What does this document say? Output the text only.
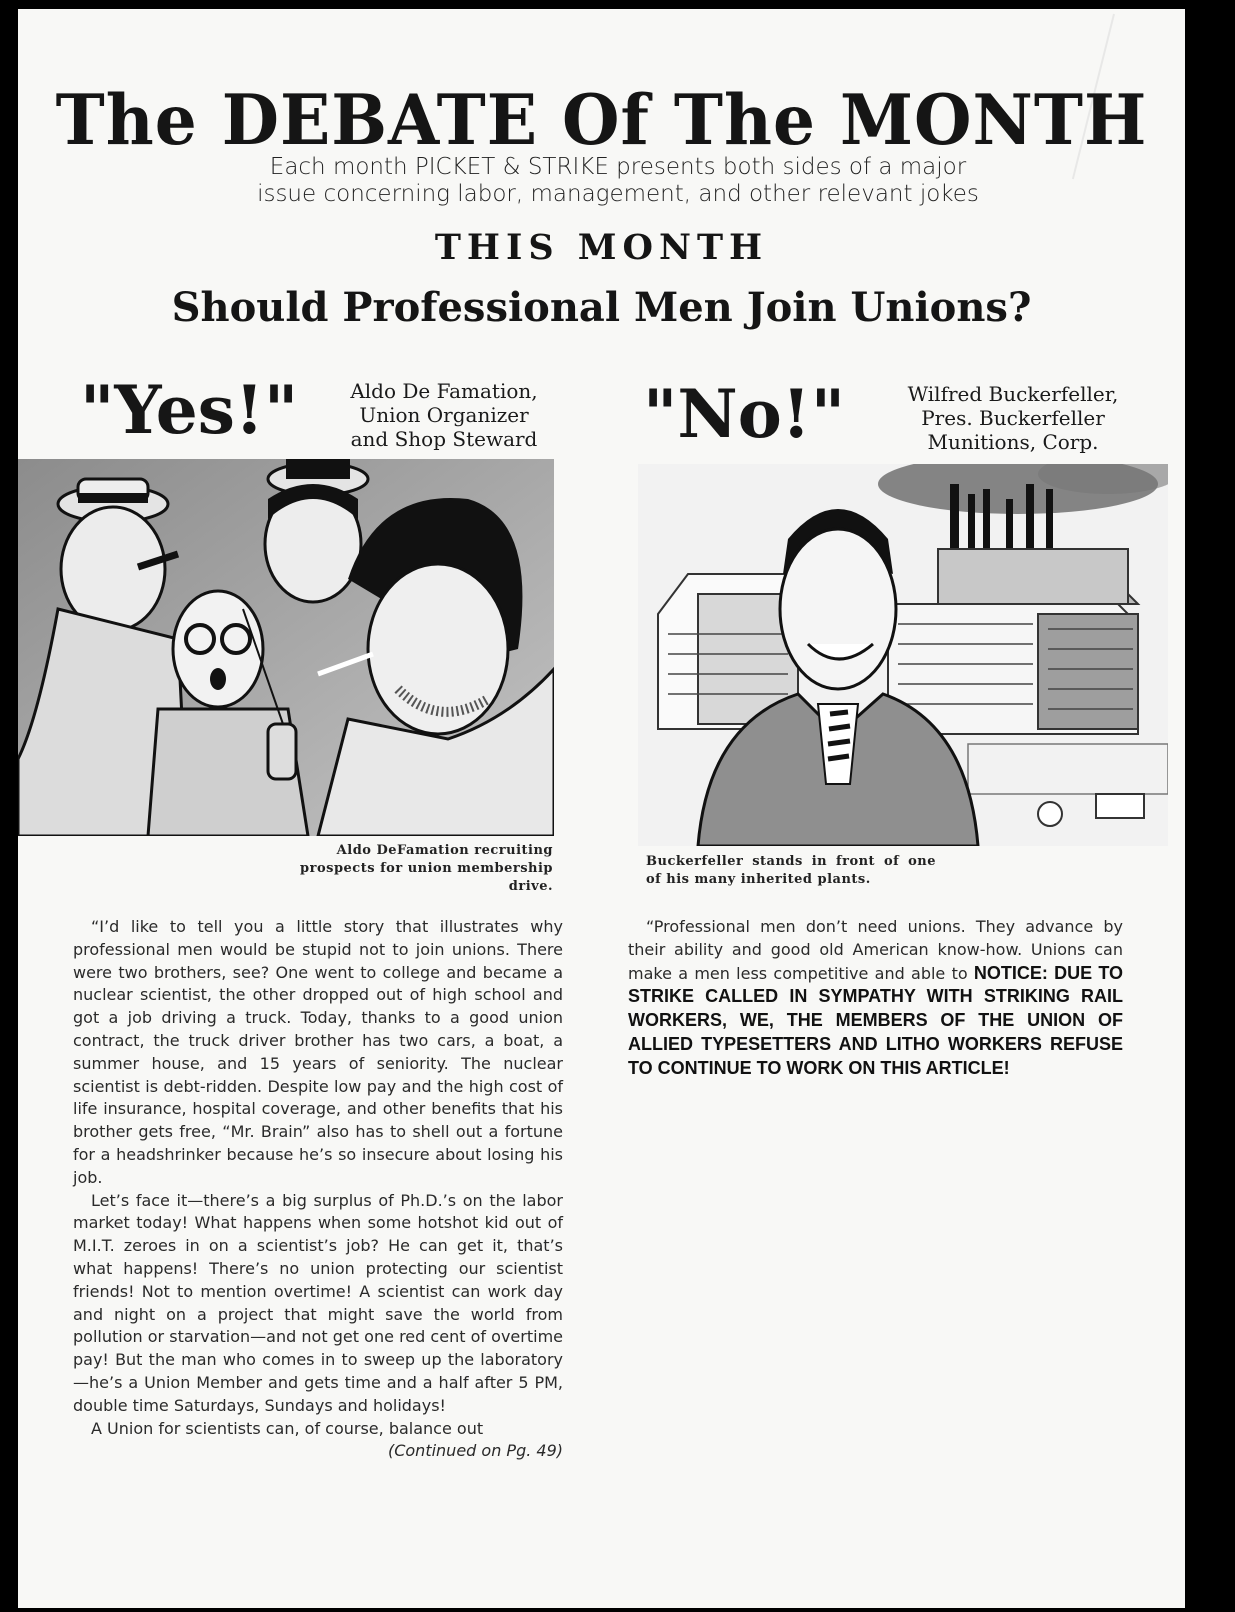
The DEBATE Of The MONTH
Each month PICKET & STRIKE presents both sides of a major
issue concerning labor, management, and other relevant jokes
THIS MONTH
Should Professional Men Join Unions?
"Yes!"	Aldo De Famation,
Union Organizer
and Shop Steward
Aldo DeFamation recruiting prospects for union membership drive.

“I’d like to tell you a little story that illustrates why professional men would be stupid not to join unions. There were two brothers, see? One went to college and became a nuclear scientist, the other dropped out of high school and got a job driving a truck. Today, thanks to a good union contract, the truck driver brother has two cars, a boat, a summer house, and 15 years of seniority. The nuclear scientist is debt-ridden. Despite low pay and the high cost of life insurance, hospital coverage, and other benefits that his brother gets free, “Mr. Brain” also has to shell out a fortune for a headshrinker because he’s so insecure about losing his job.

Let’s face it—there’s a big surplus of Ph.D.’s on the labor market today! What happens when some hotshot kid out of M.I.T. zeroes in on a scientist’s job? He can get it, that’s what happens! There’s no union protecting our scientist friends! Not to mention overtime! A scientist can work day and night on a project that might save the world from pollution or starvation—and not get one red cent of overtime pay! But the man who comes in to sweep up the laboratory—he’s a Union Member and gets time and a half after 5 PM, double time Saturdays, Sundays and holidays!

A Union for scientists can, of course, balance out

(Continued on Pg. 49)

"No!"	Wilfred Buckerfeller,
Pres. Buckerfeller
Munitions, Corp.
Buckerfeller stands in front of one of his many inherited plants.

“Professional men don’t need unions. They advance by their ability and good old American know-how. Unions can make a men less competitive and able to NOTICE: DUE TO STRIKE CALLED IN SYMPATHY WITH STRIKING RAIL WORKERS, WE, THE MEMBERS OF THE UNION OF ALLIED TYPESETTERS AND LITHO WORKERS REFUSE TO CONTINUE TO WORK ON THIS ARTICLE!
